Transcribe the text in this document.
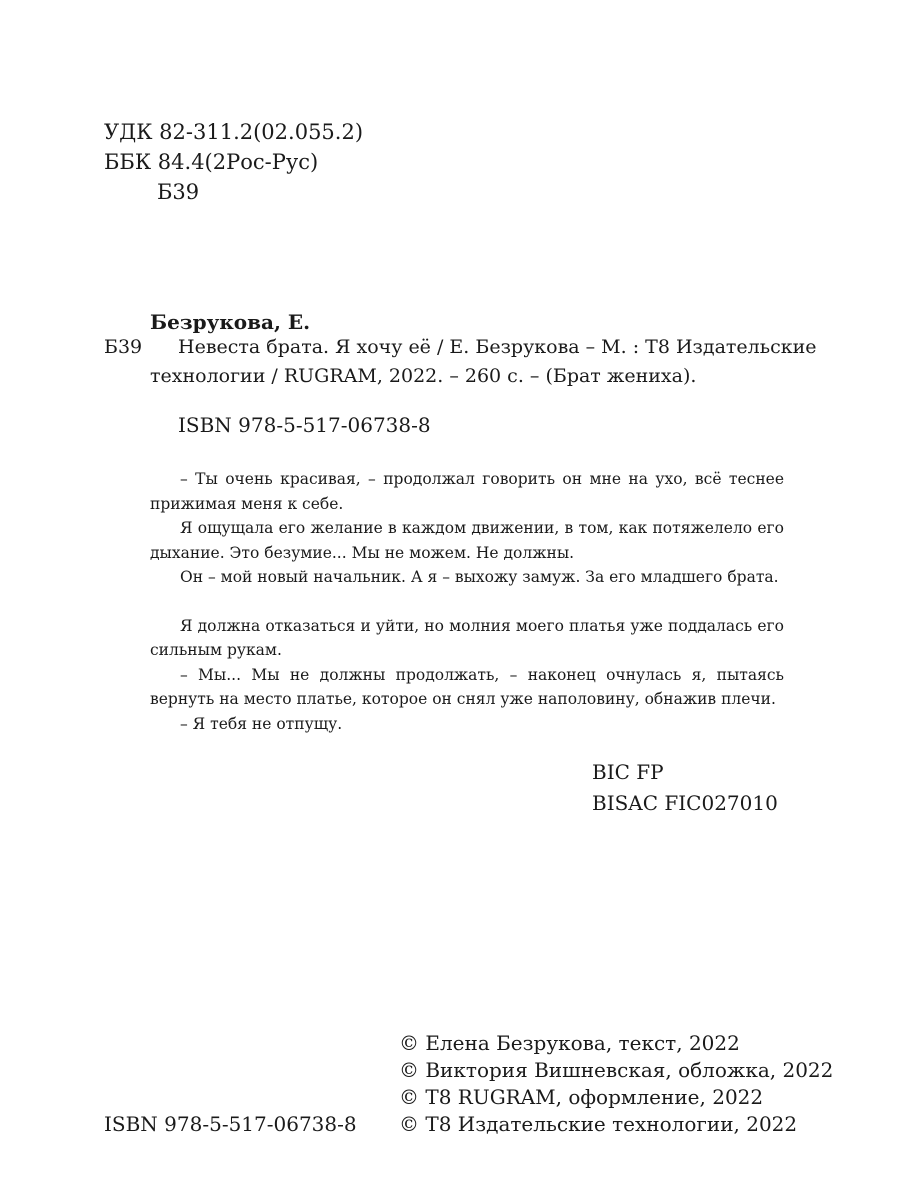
УДК 82-311.2(02.055.2)
ББК 84.4(2Рос-Рус)
Б39
Безрукова, Е.
Б39 Невеста брата. Я хочу её / Е. Безрукова – М. : Т8 Издательские
технологии / RUGRAM, 2022. – 260 с. – (Брат жениха).
ISBN 978-5-517-06738-8

– Ты очень красивая, – продолжал говорить он мне на ухо, всё теснее прижимая меня к себе.

Я ощущала его желание в каждом движении, в том, как потяжелело его дыхание. Это безумие... Мы не можем. Не должны.

Он – мой новый начальник. А я – выхожу замуж. За его младшего брата.

Я должна отказаться и уйти, но молния моего платья уже поддалась его сильным рукам.

– Мы... Мы не должны продолжать, – наконец очнулась я, пытаясь вернуть на место платье, которое он снял уже наполовину, обнажив плечи.

– Я тебя не отпущу.

BIC FP
BISAC FIC027010
© Елена Безрукова, текст, 2022
© Виктория Вишневская, обложка, 2022
© Т8 RUGRAM, оформление, 2022
© Т8 Издательские технологии, 2022
ISBN 978-5-517-06738-8
